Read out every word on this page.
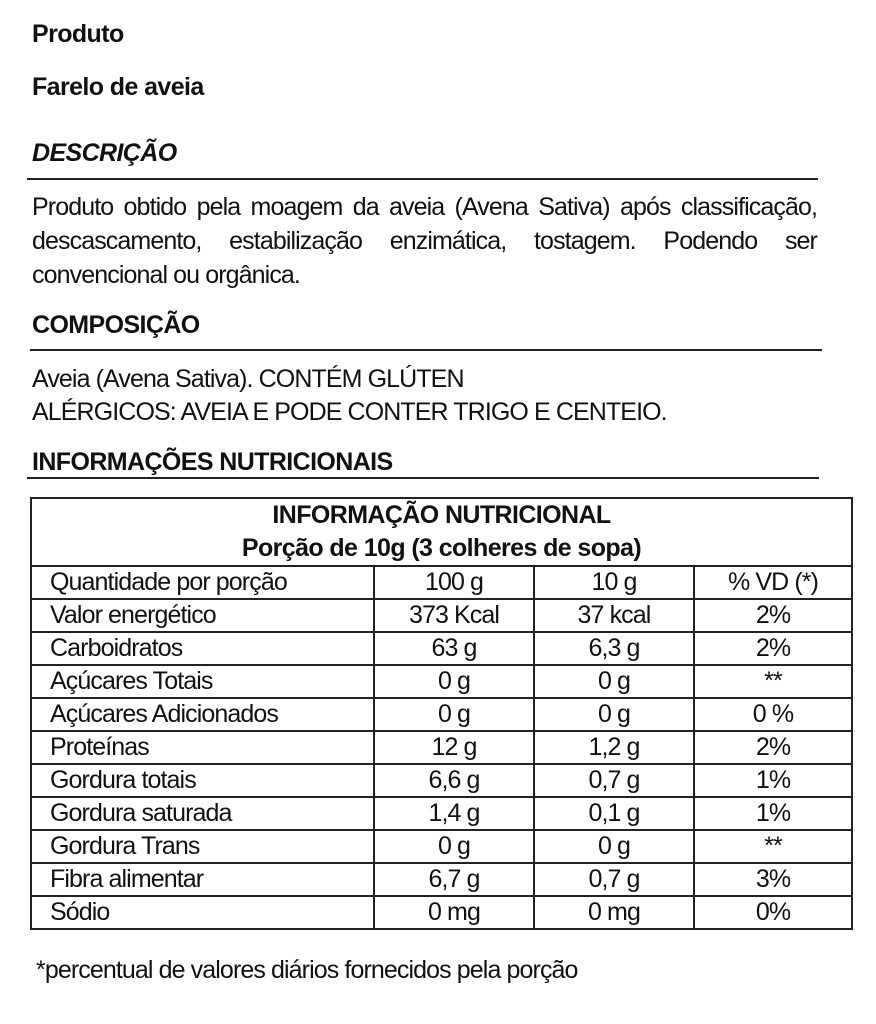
Produto
Farelo de aveia
DESCRIÇÃO
Produto obtido pela moagem da aveia (Avena Sativa) após classificação, descascamento, estabilização enzimática, tostagem. Podendo ser convencional ou orgânica.
COMPOSIÇÃO
Aveia (Avena Sativa). CONTÉM GLÚTEN
ALÉRGICOS: AVEIA E PODE CONTER TRIGO E CENTEIO.
INFORMAÇÕES NUTRICIONAIS
INFORMAÇÃO NUTRICIONAL
Porção de 10g (3 colheres de sopa)			

Quantidade por porção	100 g	10 g	% VD (*)
Valor energético	373 Kcal	37 kcal	2%
Carboidratos	63 g	6,3 g	2%
Açúcares Totais	0 g	0 g	**
Açúcares Adicionados	0 g	0 g	0 %
Proteínas	12 g	1,2 g	2%
Gordura totais	6,6 g	0,7 g	1%
Gordura saturada	1,4 g	0,1 g	1%
Gordura Trans	0 g	0 g	**
Fibra alimentar	6,7 g	0,7 g	3%
Sódio	0 mg	0 mg	0%
*percentual de valores diários fornecidos pela porção
